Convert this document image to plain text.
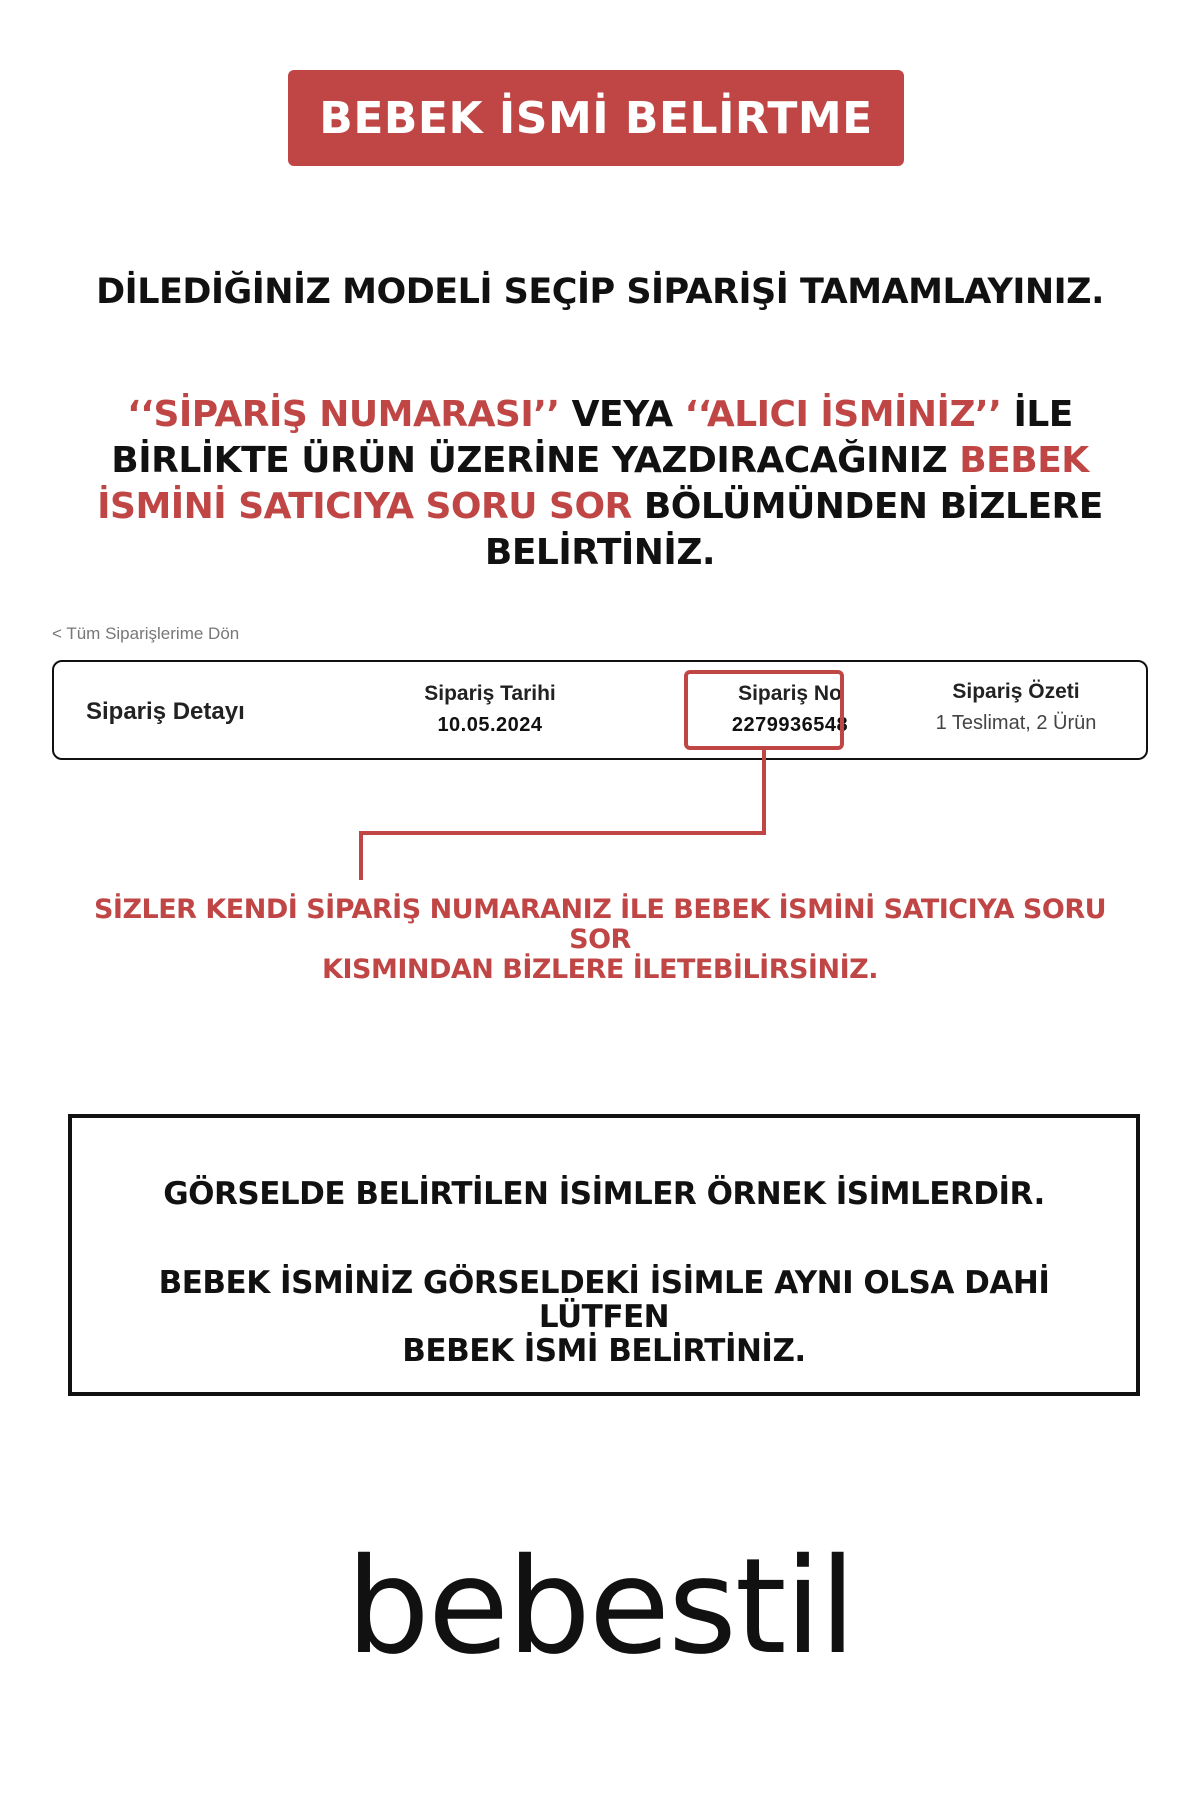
BEBEK İSMİ BELİRTME
DİLEDİĞİNİZ MODELİ SEÇİP SİPARİŞİ TAMAMLAYINIZ.
‘‘SİPARİŞ NUMARASI’’ VEYA ‘‘ALICI İSMİNİZ’’ İLE BİRLİKTE ÜRÜN ÜZERİNE YAZDIRACAĞINIZ BEBEK İSMİNİ SATICIYA SORU SOR BÖLÜMÜNDEN BİZLERE BELİRTİNİZ.
< Tüm Siparişlerime Dön
Sipariş Detayı
Sipariş Tarihi
10.05.2024
Sipariş No
2279936548
Sipariş Özeti
1 Teslimat, 2 Ürün
SİZLER KENDİ SİPARİŞ NUMARANIZ İLE BEBEK İSMİNİ SATICIYA SORU SOR
KISMINDAN BİZLERE İLETEBİLİRSİNİZ.
GÖRSELDE BELİRTİLEN İSİMLER ÖRNEK İSİMLERDİR.
BEBEK İSMİNİZ GÖRSELDEKİ İSİMLE AYNI OLSA DAHİ LÜTFEN
BEBEK İSMİ BELİRTİNİZ.
bebestil
